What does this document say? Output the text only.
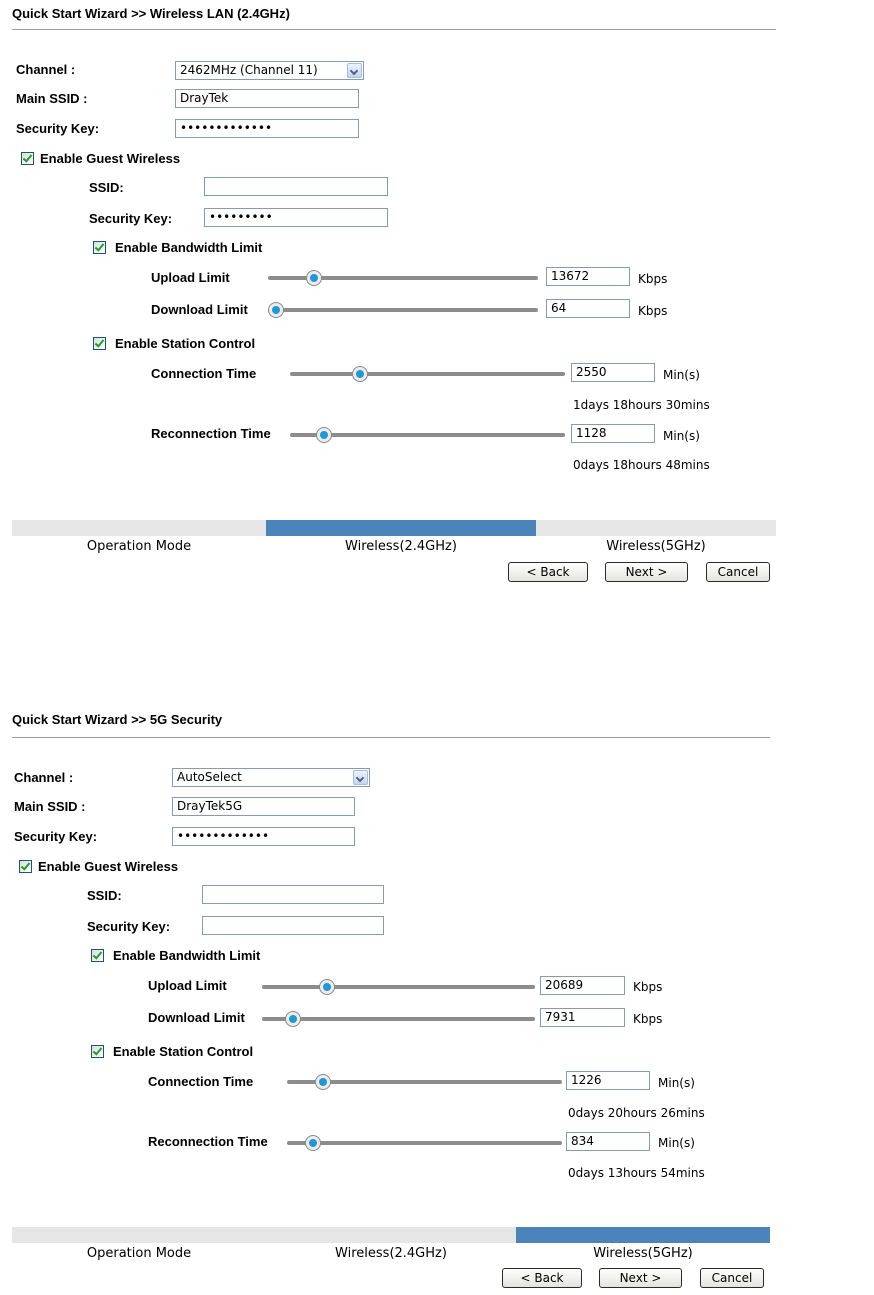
Quick Start Wizard >> Wireless LAN (2.4GHz)
Channel :	2462MHz (Channel 11)
Main SSID :	DrayTek
Security Key:	•••••••••••••
Enable Guest Wireless
SSID:
Security Key:	•••••••••
Enable Bandwidth Limit
Upload Limit	13672	Kbps
Download Limit	64	Kbps
Enable Station Control
Connection Time	2550	Min(s)
1days 18hours 30mins
Reconnection Time	1128	Min(s)
0days 18hours 48mins
Operation Mode	Wireless(2.4GHz)	Wireless(5GHz)
< Back	Next >	Cancel
Quick Start Wizard >> 5G Security
Channel :	AutoSelect
Main SSID :	DrayTek5G
Security Key:	•••••••••••••
Enable Guest Wireless
SSID:
Security Key:
Enable Bandwidth Limit
Upload Limit	20689	Kbps
Download Limit	7931	Kbps
Enable Station Control
Connection Time	1226	Min(s)
0days 20hours 26mins
Reconnection Time	834	Min(s)
0days 13hours 54mins
Operation Mode	Wireless(2.4GHz)	Wireless(5GHz)
< Back	Next >	Cancel
